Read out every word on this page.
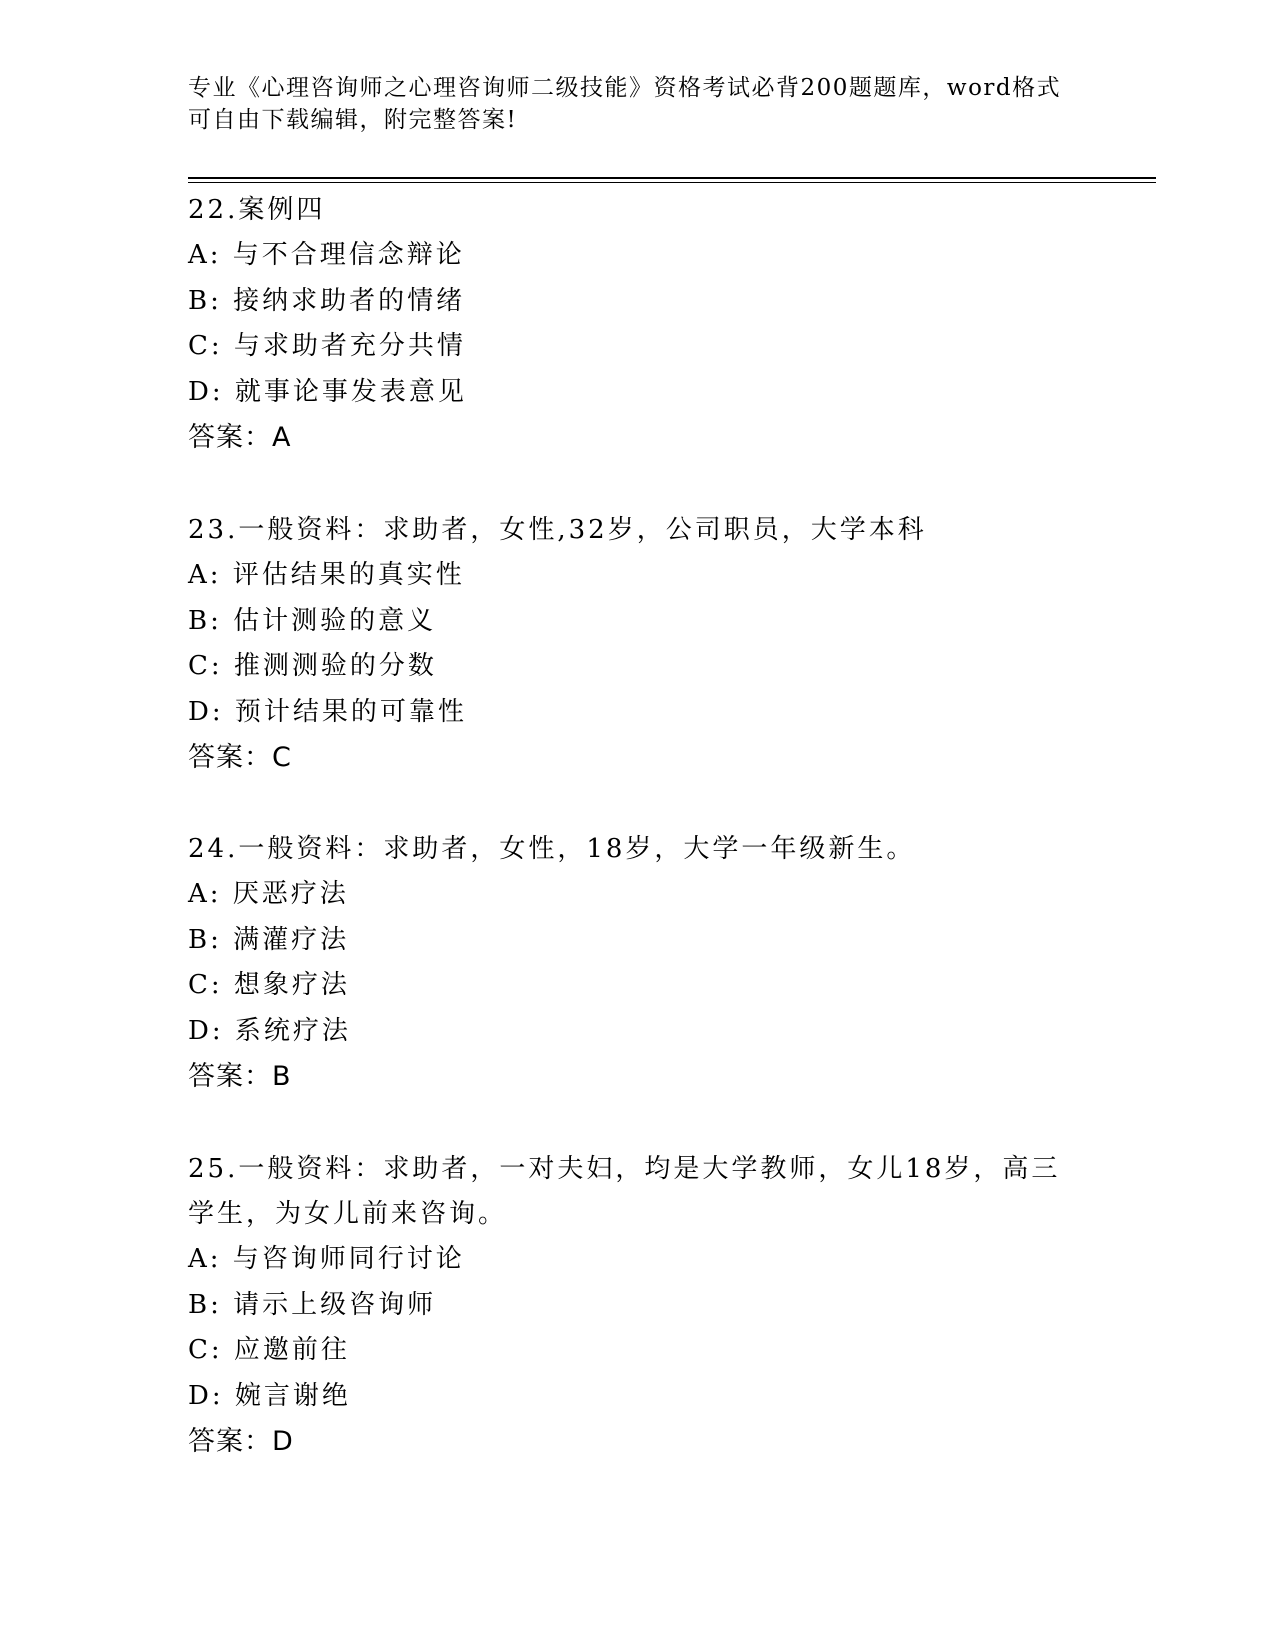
专业《心理咨询师之心理咨询师二级技能》资格考试必背200题题库，word格式
可自由下载编辑，附完整答案!
22.案例四
A: 与不合理信念辩论
B: 接纳求助者的情绪
C: 与求助者充分共情
D: 就事论事发表意见
答案：A
23.一般资料：求助者，女性,32岁，公司职员，大学本科
A: 评估结果的真实性
B: 估计测验的意义
C: 推测测验的分数
D: 预计结果的可靠性
答案：C
24.一般资料：求助者，女性，18岁，大学一年级新生。
A: 厌恶疗法
B: 满灌疗法
C: 想象疗法
D: 系统疗法
答案：B
25.一般资料：求助者，一对夫妇，均是大学教师，女儿18岁，高三
学生，为女儿前来咨询。
A: 与咨询师同行讨论
B: 请示上级咨询师
C: 应邀前往
D: 婉言谢绝
答案：D
